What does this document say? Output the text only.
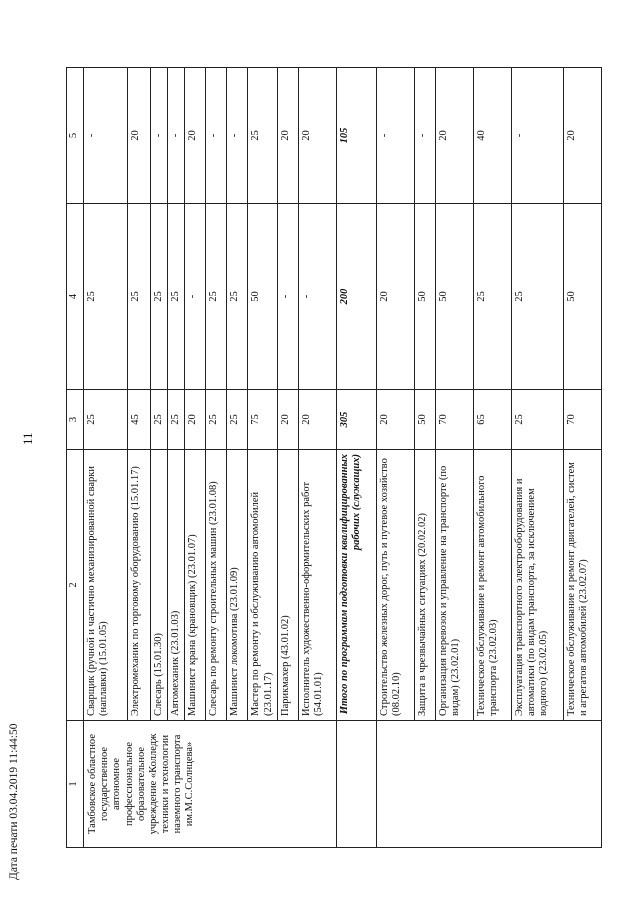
11
Дата печати 03.04.2019 11:44:50	1	2	3	4	5
Тамбовское областное государственное автономное профессиональное образовательное учреждение «Колледж техники и технологии наземного транспорта им.М.С.Солнцева»	Сварщик (ручной и частично механизированной сварки (наплавки) (15.01.05)	25	25	-
	Электромеханик по торговому оборудованию (15.01.17)	45	25	20
	Слесарь (15.01.30)	25	25	-
	Автомеханик (23.01.03)	25	25	-
	Машинист крана (крановщик) (23.01.07)	20	-	20
	Слесарь по ремонту строительных машин (23.01.08)	25	25	-
	Машинист локомотива (23.01.09)	25	25	-
	Мастер по ремонту и обслуживанию автомобилей (23.01.17)	75	50	25
	Парикмахер (43.01.02)	20	-	20
	Исполнитель художественно-оформительских работ (54.01.01)	20	-	20
	Итого по программам подготовки квалифицированных рабочих (служащих)	305	200	105
	Строительство железных дорог, путь и путевое хозяйство (08.02.10)	20	20	-
	Защита в чрезвычайных ситуациях (20.02.02)	50	50	-
	Организация перевозок и управление на транспорте (по видам) (23.02.01)	70	50	20
	Техническое обслуживание и ремонт автомобильного транспорта (23.02.03)	65	25	40
	Эксплуатация транспортного электрооборудования и автоматики (по видам транспорта, за исключением водного) (23.02.05)	25	25	-
	Техническое обслуживание и ремонт двигателей, систем и агрегатов автомобилей (23.02.07)	70	50	20
